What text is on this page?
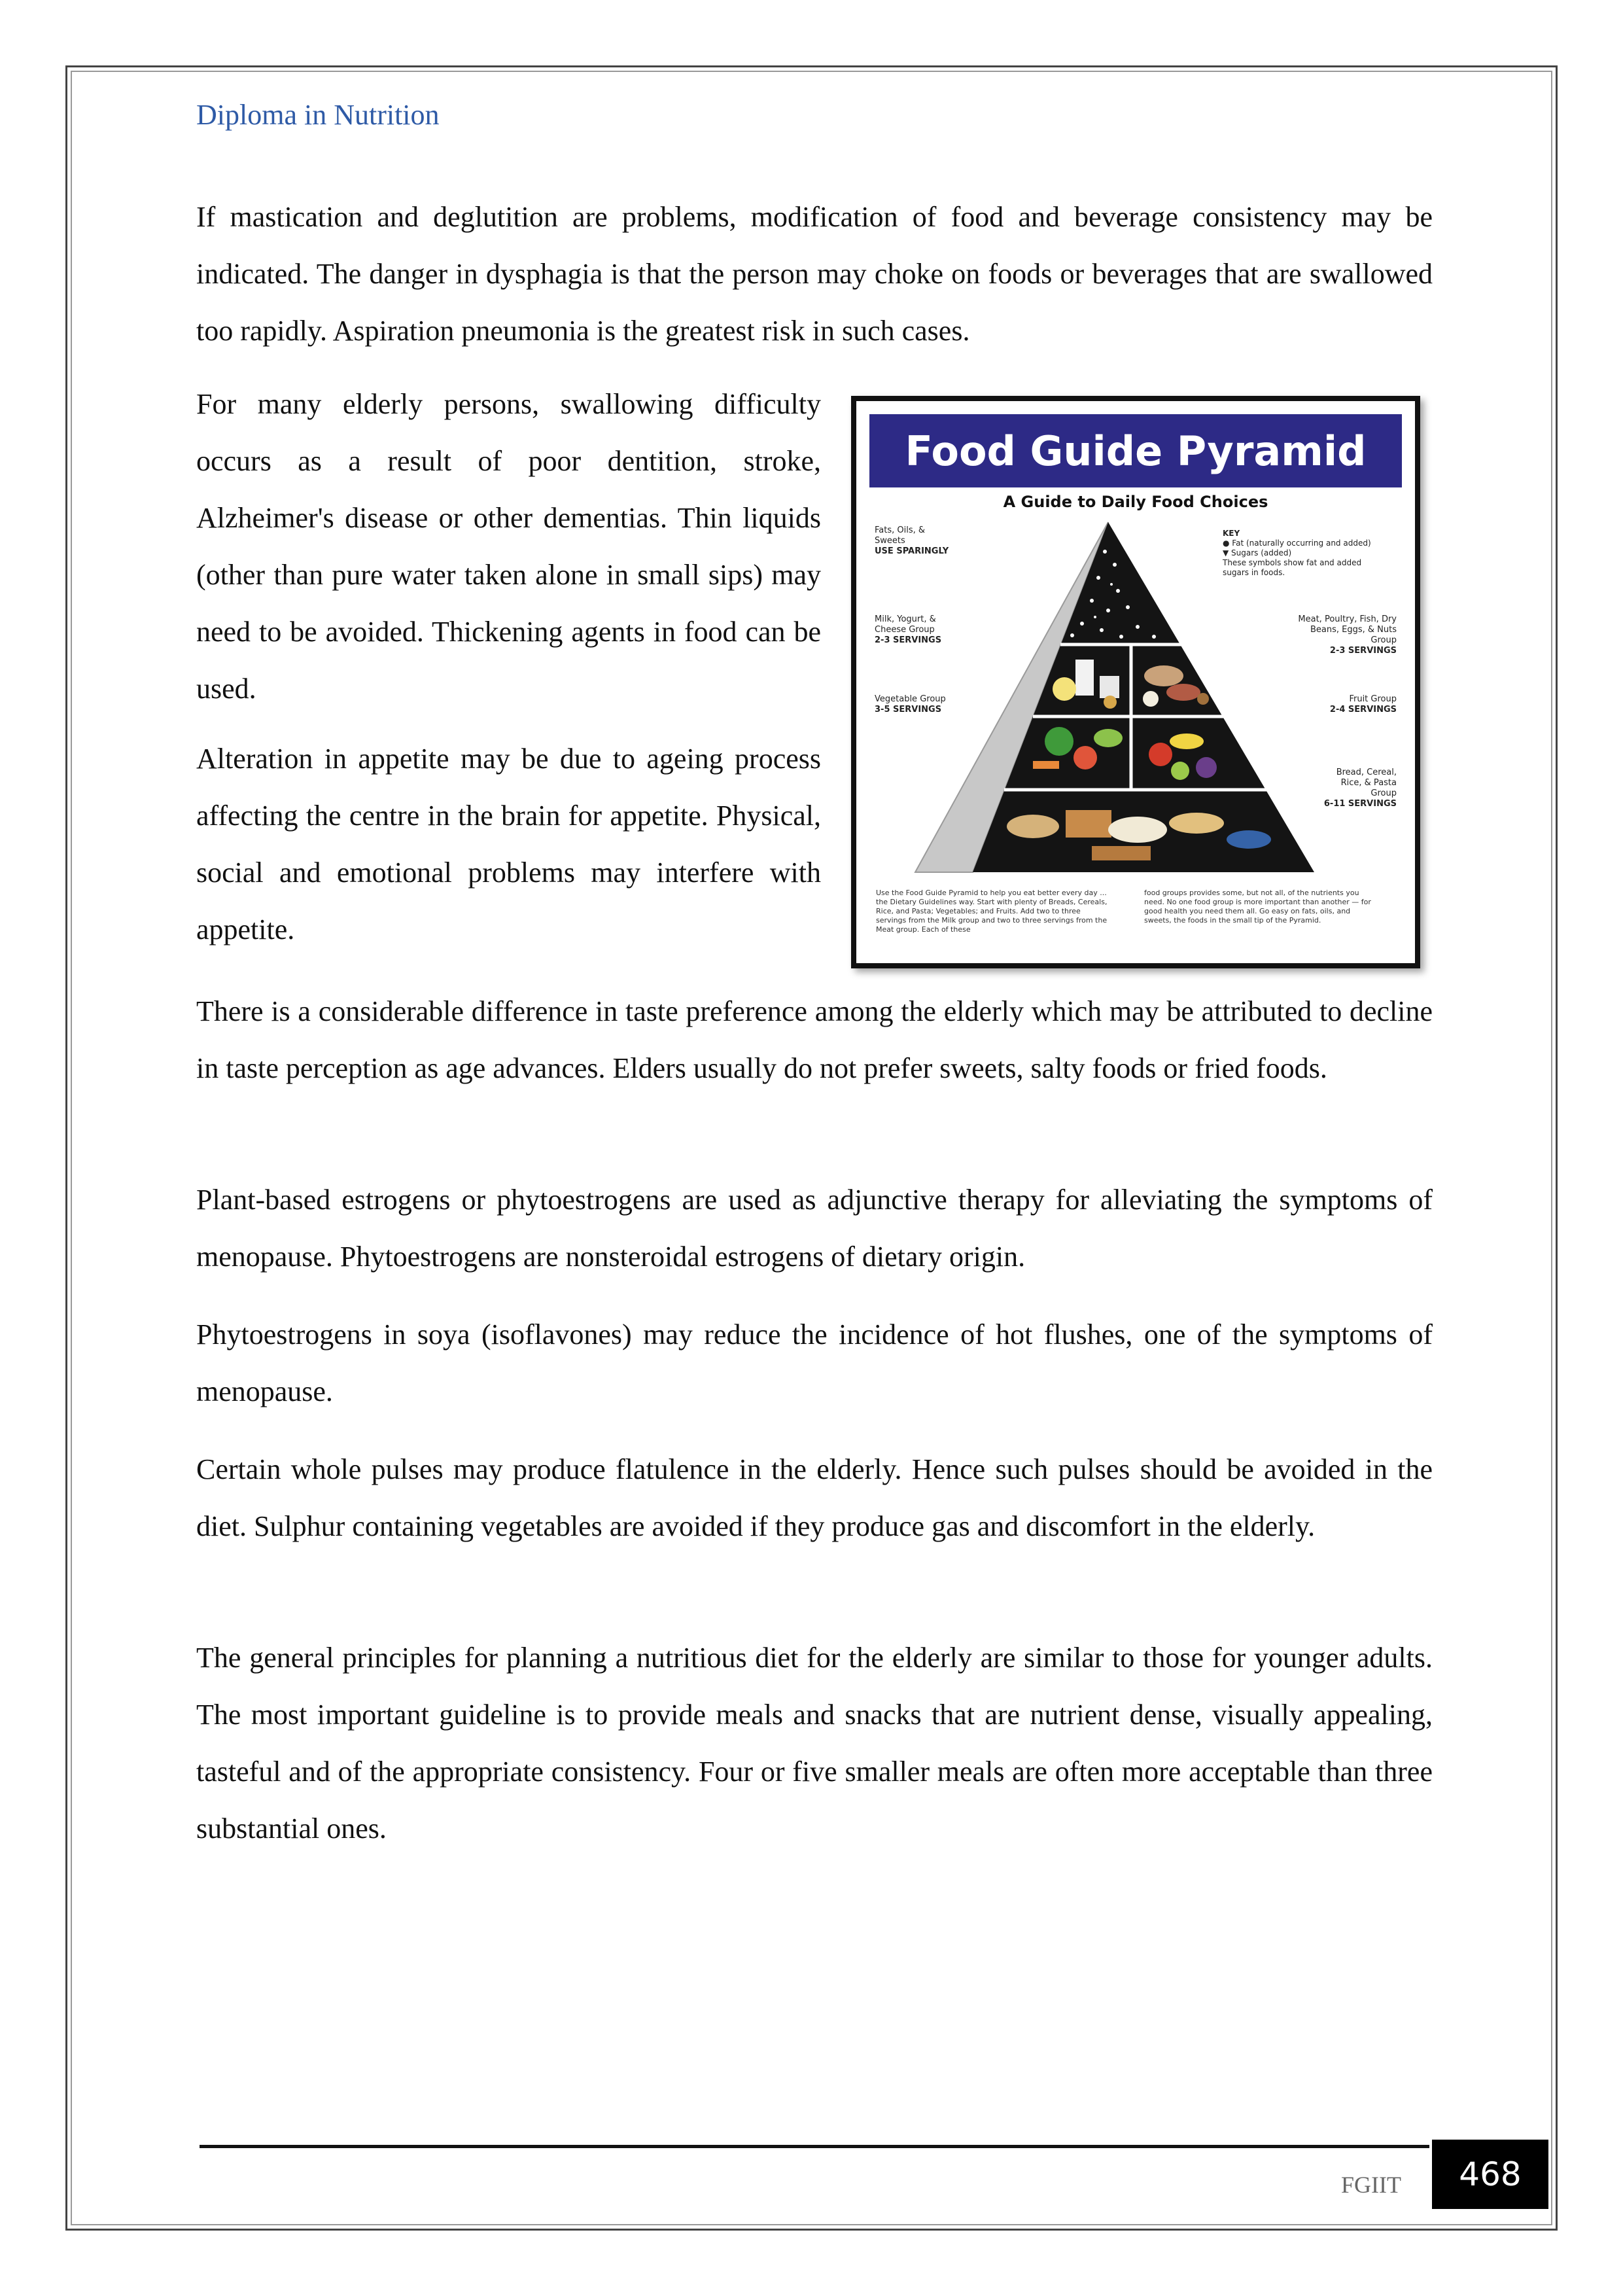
Diploma in Nutrition

If mastication and deglutition are problems, modification of food and beverage consistency may be indicated. The danger in dysphagia is that the person may choke on foods or beverages that are swallowed too rapidly. Aspiration pneumonia is the greatest risk in such cases.

For many elderly persons, swallowing difficulty occurs as a result of poor dentition, stroke, Alzheimer's disease or other dementias. Thin liquids (other than pure water taken alone in small sips) may need to be avoided. Thickening agents in food can be used.

Alteration in appetite may be due to ageing process affecting the centre in the brain for appetite. Physical, social and emotional problems may interfere with appetite.

There is a considerable difference in taste preference among the elderly which may be attributed to decline in taste perception as age advances. Elders usually do not prefer sweets, salty foods or fried foods.

Plant-based estrogens or phytoestrogens are used as adjunctive therapy for alleviating the symptoms of menopause. Phytoestrogens are nonsteroidal estrogens of dietary origin.

Phytoestrogens in soya (isoflavones) may reduce the incidence of hot flushes, one of the symptoms of menopause.

Certain whole pulses may produce flatulence in the elderly. Hence such pulses should be avoided in the diet. Sulphur containing vegetables are avoided if they produce gas and discomfort in the elderly.

The general principles for planning a nutritious diet for the elderly are similar to those for younger adults. The most important guideline is to provide meals and snacks that are nutrient dense, visually appealing, tasteful and of the appropriate consistency. Four or five smaller meals are often more acceptable than three substantial ones.

Food Guide Pyramid
A Guide to Daily Food Choices
Fats, Oils, & Sweets
USE SPARINGLY
Milk, Yogurt, & Cheese Group
2-3 SERVINGS
Vegetable Group
3-5 SERVINGS
Meat, Poultry, Fish, Dry Beans, Eggs, & Nuts Group
2-3 SERVINGS
Fruit Group
2-4 SERVINGS
Bread, Cereal, Rice, & Pasta Group
6-11 SERVINGS
KEY
● Fat (naturally occurring and added)
▼ Sugars (added)
These symbols show fat and added sugars in foods.
Use the Food Guide Pyramid to help you eat better every day ... the Dietary Guidelines way. Start with plenty of Breads, Cereals, Rice, and Pasta; Vegetables; and Fruits. Add two to three servings from the Milk group and two to three servings from the Meat group. Each of these
food groups provides some, but not all, of the nutrients you need. No one food group is more important than another — for good health you need them all. Go easy on fats, oils, and sweets, the foods in the small tip of the Pyramid.
FGIIT	468
